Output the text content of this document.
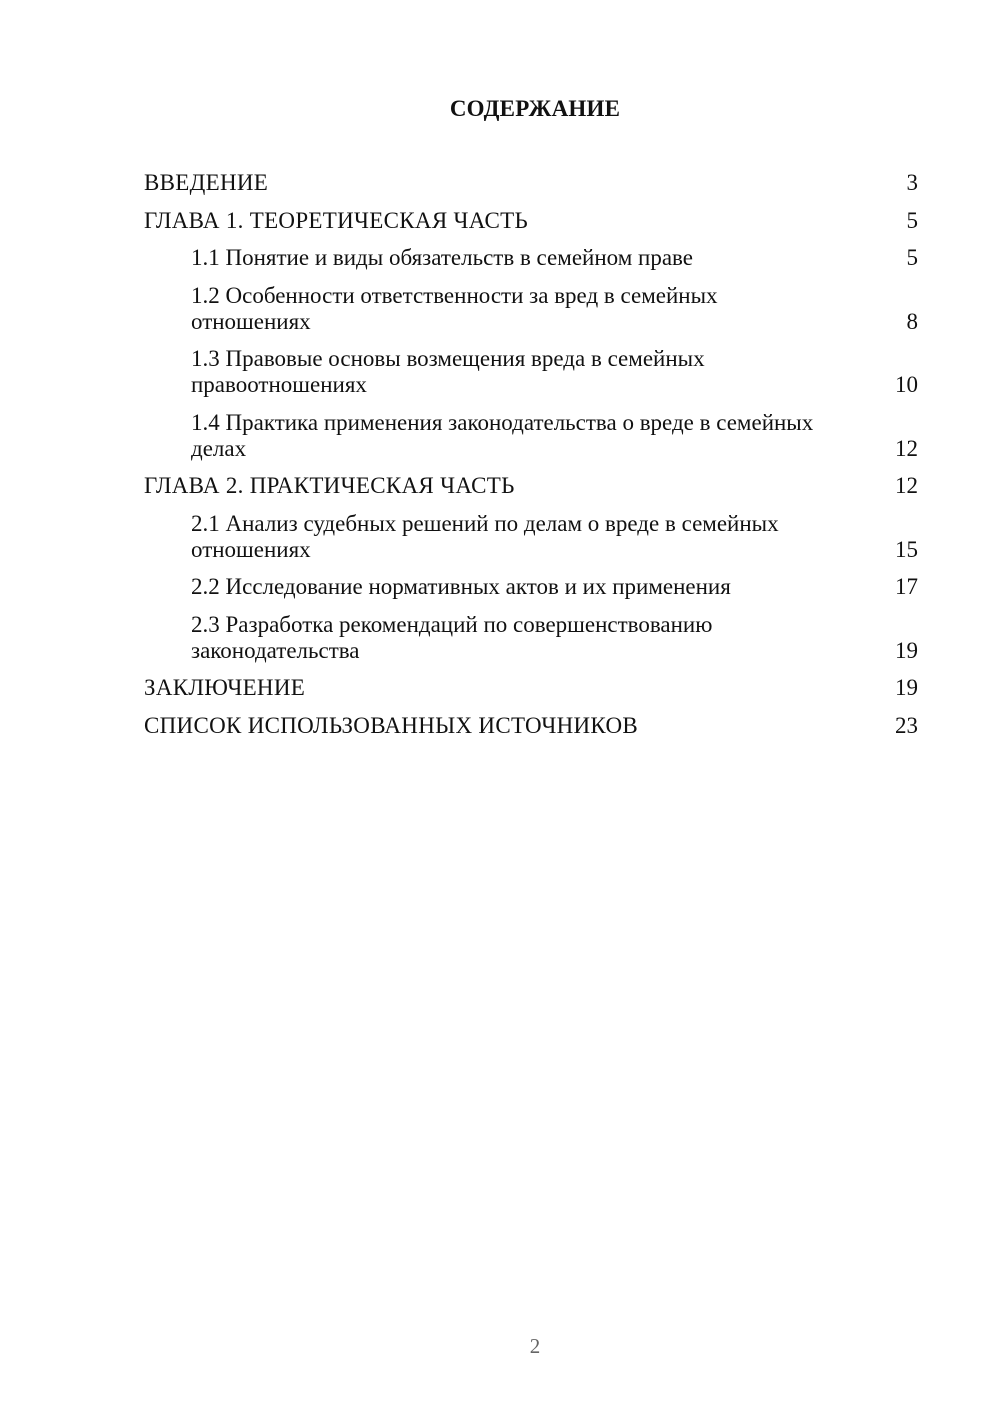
СОДЕРЖАНИЕ
ВВЕДЕНИЕ	3
ГЛАВА 1. ТЕОРЕТИЧЕСКАЯ ЧАСТЬ	5
1.1 Понятие и виды обязательств в семейном праве	5
1.2 Особенности ответственности за вред в семейных отношениях	8
1.3 Правовые основы возмещения вреда в семейных правоотношениях	10
1.4 Практика применения законодательства о вреде в семейных делах	12
ГЛАВА 2. ПРАКТИЧЕСКАЯ ЧАСТЬ	12
2.1 Анализ судебных решений по делам о вреде в семейных отношениях	15
2.2 Исследование нормативных актов и их применения	17
2.3 Разработка рекомендаций по совершенствованию законодательства	19
ЗАКЛЮЧЕНИЕ	19
СПИСОК ИСПОЛЬЗОВАННЫХ ИСТОЧНИКОВ	23
2
